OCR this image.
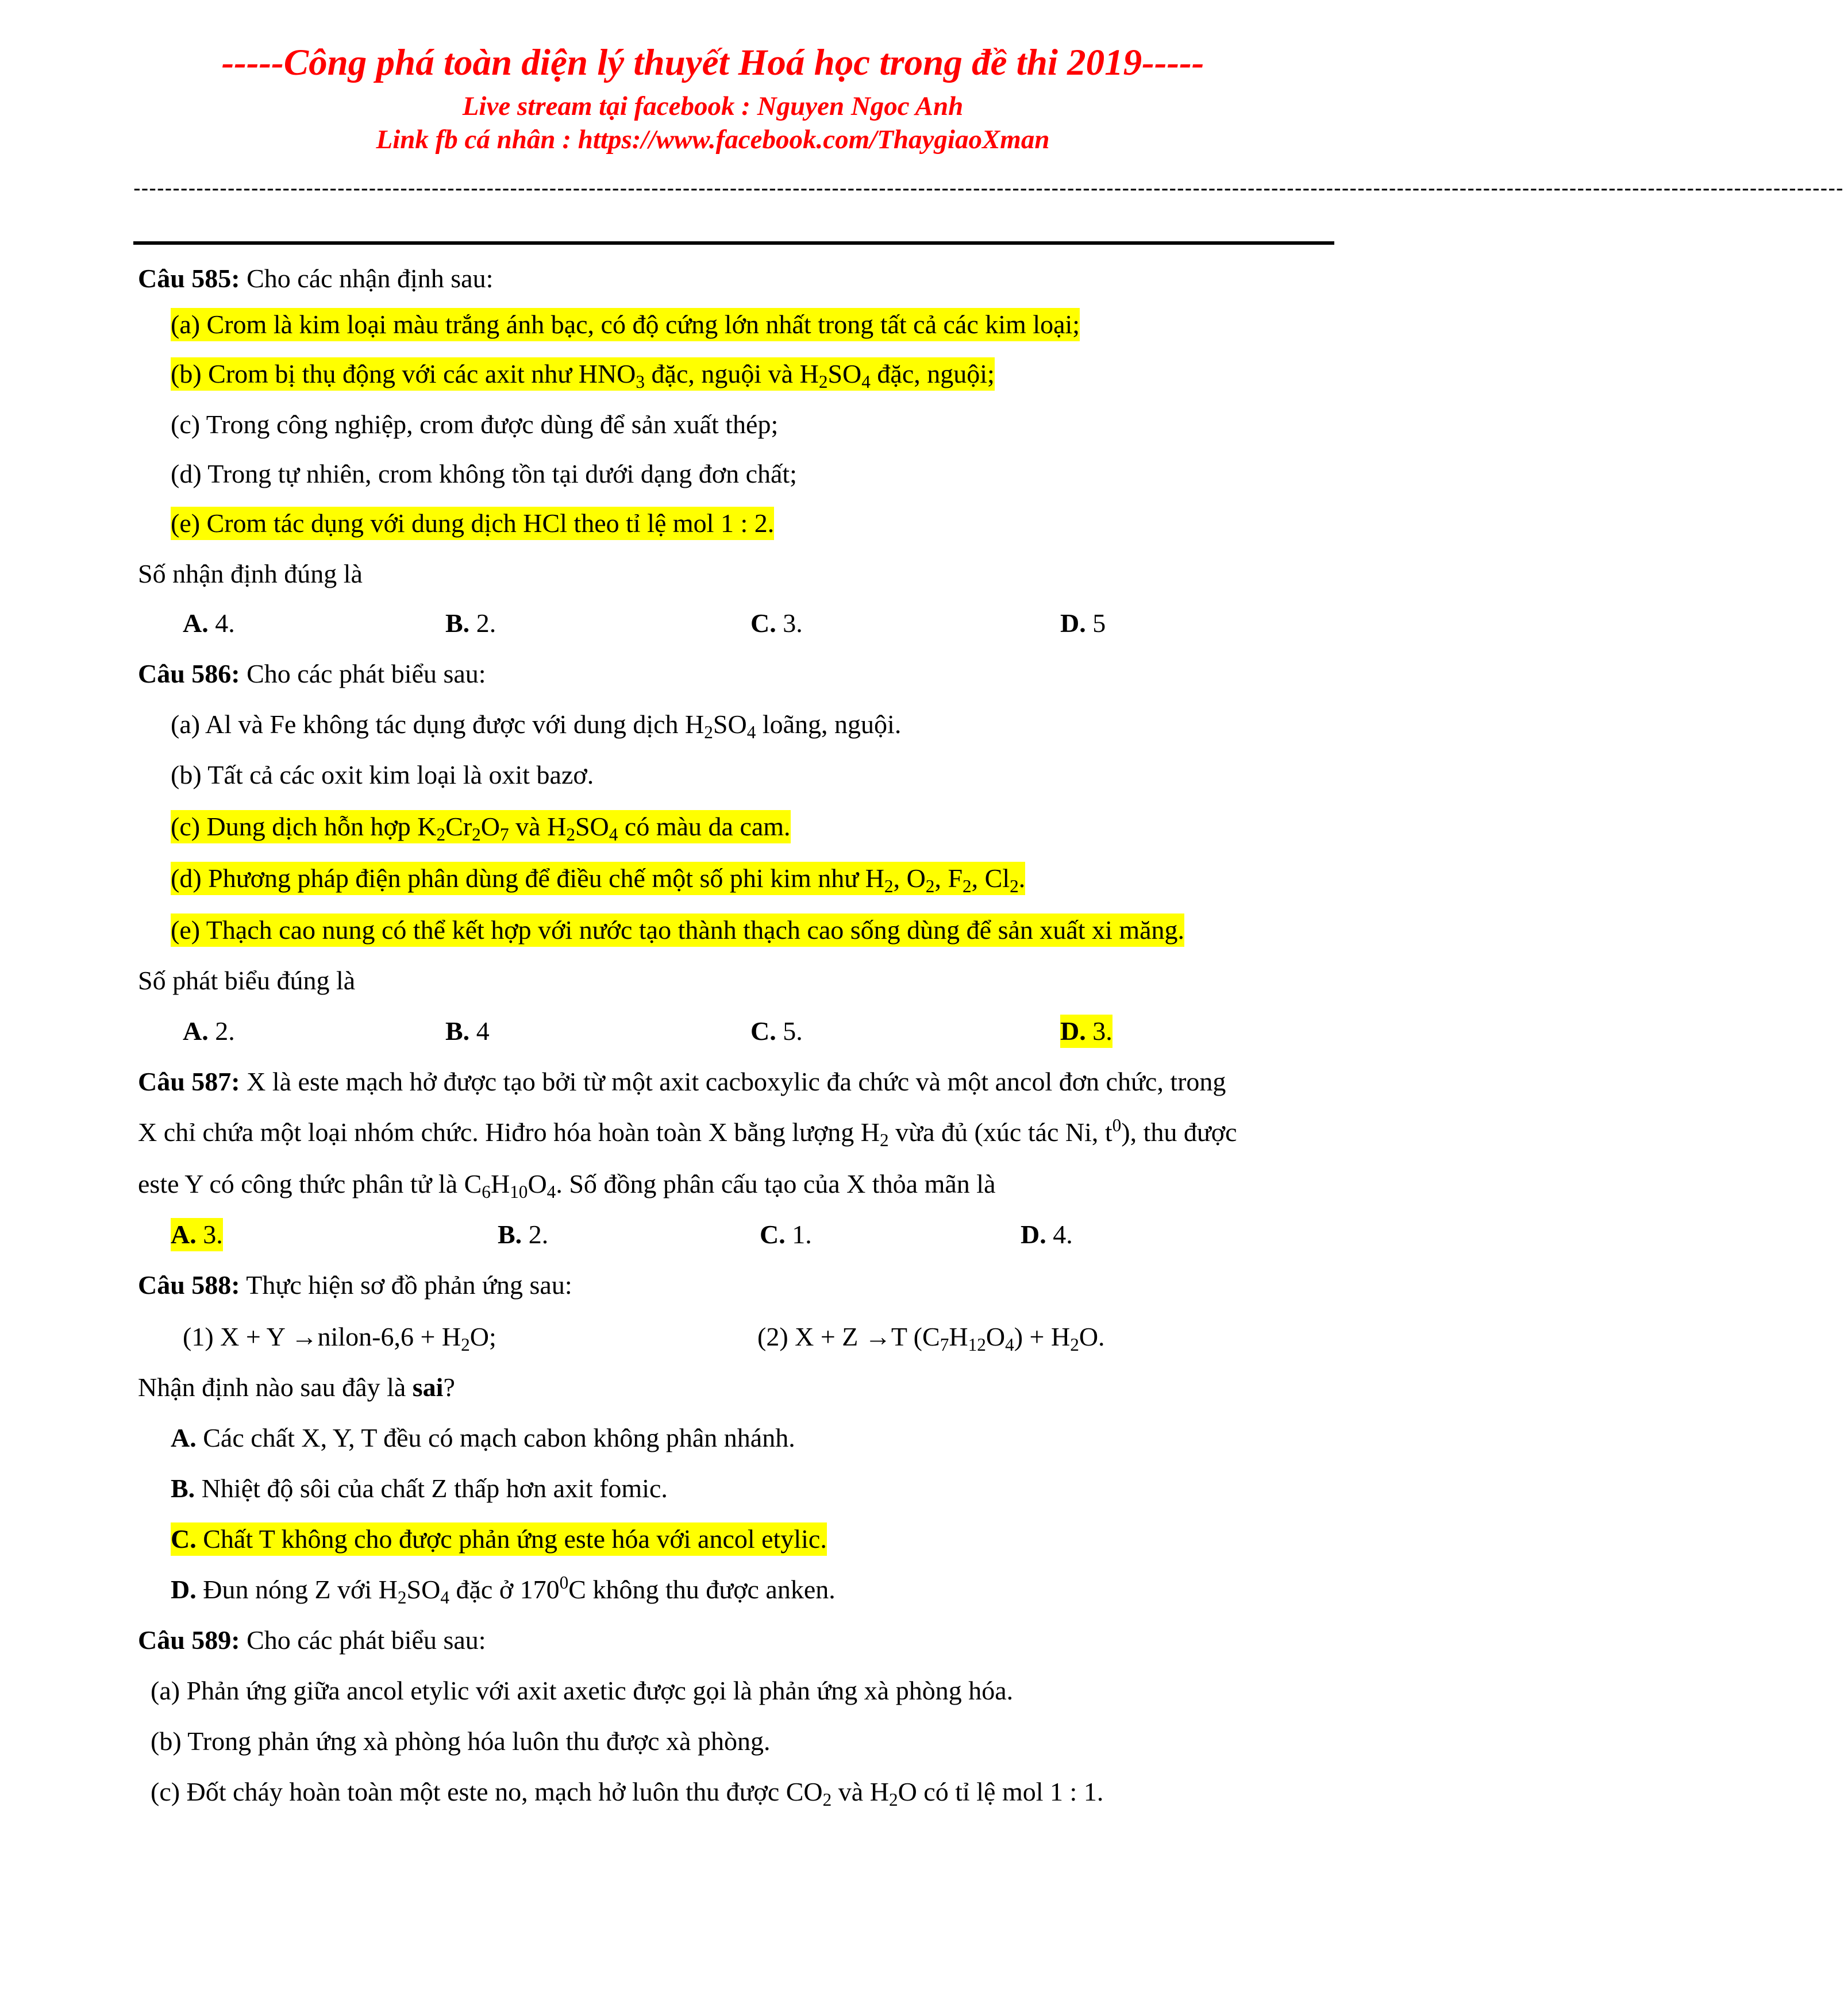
-----Công phá toàn diện lý thuyết Hoá học trong đề thi 2019-----
Live stream tại facebook : Nguyen Ngoc Anh
Link fb cá nhân : https://www.facebook.com/ThaygiaoXman
--------------------------------------------------------------------------------------------------------------------------------------------------------------------------------------------------------------------------
Câu 585: Cho các nhận định sau:
(a) Crom là kim loại màu trắng ánh bạc, có độ cứng lớn nhất trong tất cả các kim loại;
(b) Crom bị thụ động với các axit như $HNO_3$ đặc, nguội và $H_2SO_4$ đặc, nguội;
(c) Trong công nghiệp, crom được dùng để sản xuất thép;
(d) Trong tự nhiên, crom không tồn tại dưới dạng đơn chất;
(e) Crom tác dụng với dung dịch HCl theo tỉ lệ mol 1 : 2.
Số nhận định đúng là
A. 4.	B. 2.	C. 3.	D. 5
Câu 586: Cho các phát biểu sau:
(a) Al và Fe không tác dụng được với dung dịch $H_2SO_4$ loãng, nguội.
(b) Tất cả các oxit kim loại là oxit bazơ.
(c) Dung dịch hỗn hợp $K_2Cr_2O_7$ và $H_2SO_4$ có màu da cam.
(d) Phương pháp điện phân dùng để điều chế một số phi kim như $H_2$, $O_2$, $F_2$, $Cl_2$.
(e) Thạch cao nung có thể kết hợp với nước tạo thành thạch cao sống dùng để sản xuất xi măng.
Số phát biểu đúng là
A. 2.	B. 4	C. 5.	D. 3.
Câu 587: X là este mạch hở được tạo bởi từ một axit cacboxylic đa chức và một ancol đơn chức, trong
X chỉ chứa một loại nhóm chức. Hiđro hóa hoàn toàn X bằng lượng $H_2$ vừa đủ (xúc tác Ni, $t^0$), thu được
este Y có công thức phân tử là $C_6H_{10}O_4$. Số đồng phân cấu tạo của X thỏa mãn là
A. 3.	B. 2.	C. 1.	D. 4.
Câu 588: Thực hiện sơ đồ phản ứng sau:
(1) X + Y →nilon-6,6 + $H_2O$;	(2) X + Z →T $(C_7H_{12}O_4) + H_2O$.
Nhận định nào sau đây là sai?
A. Các chất X, Y, T đều có mạch cabon không phân nhánh.
B. Nhiệt độ sôi của chất Z thấp hơn axit fomic.
C. Chất T không cho được phản ứng este hóa với ancol etylic.
D. Đun nóng Z với $H_2SO_4$ đặc ở $170^0C$ không thu được anken.
Câu 589: Cho các phát biểu sau:
(a) Phản ứng giữa ancol etylic với axit axetic được gọi là phản ứng xà phòng hóa.
(b) Trong phản ứng xà phòng hóa luôn thu được xà phòng.
(c) Đốt cháy hoàn toàn một este no, mạch hở luôn thu được $CO_2$ và $H_2O$ có tỉ lệ mol 1 : 1.
